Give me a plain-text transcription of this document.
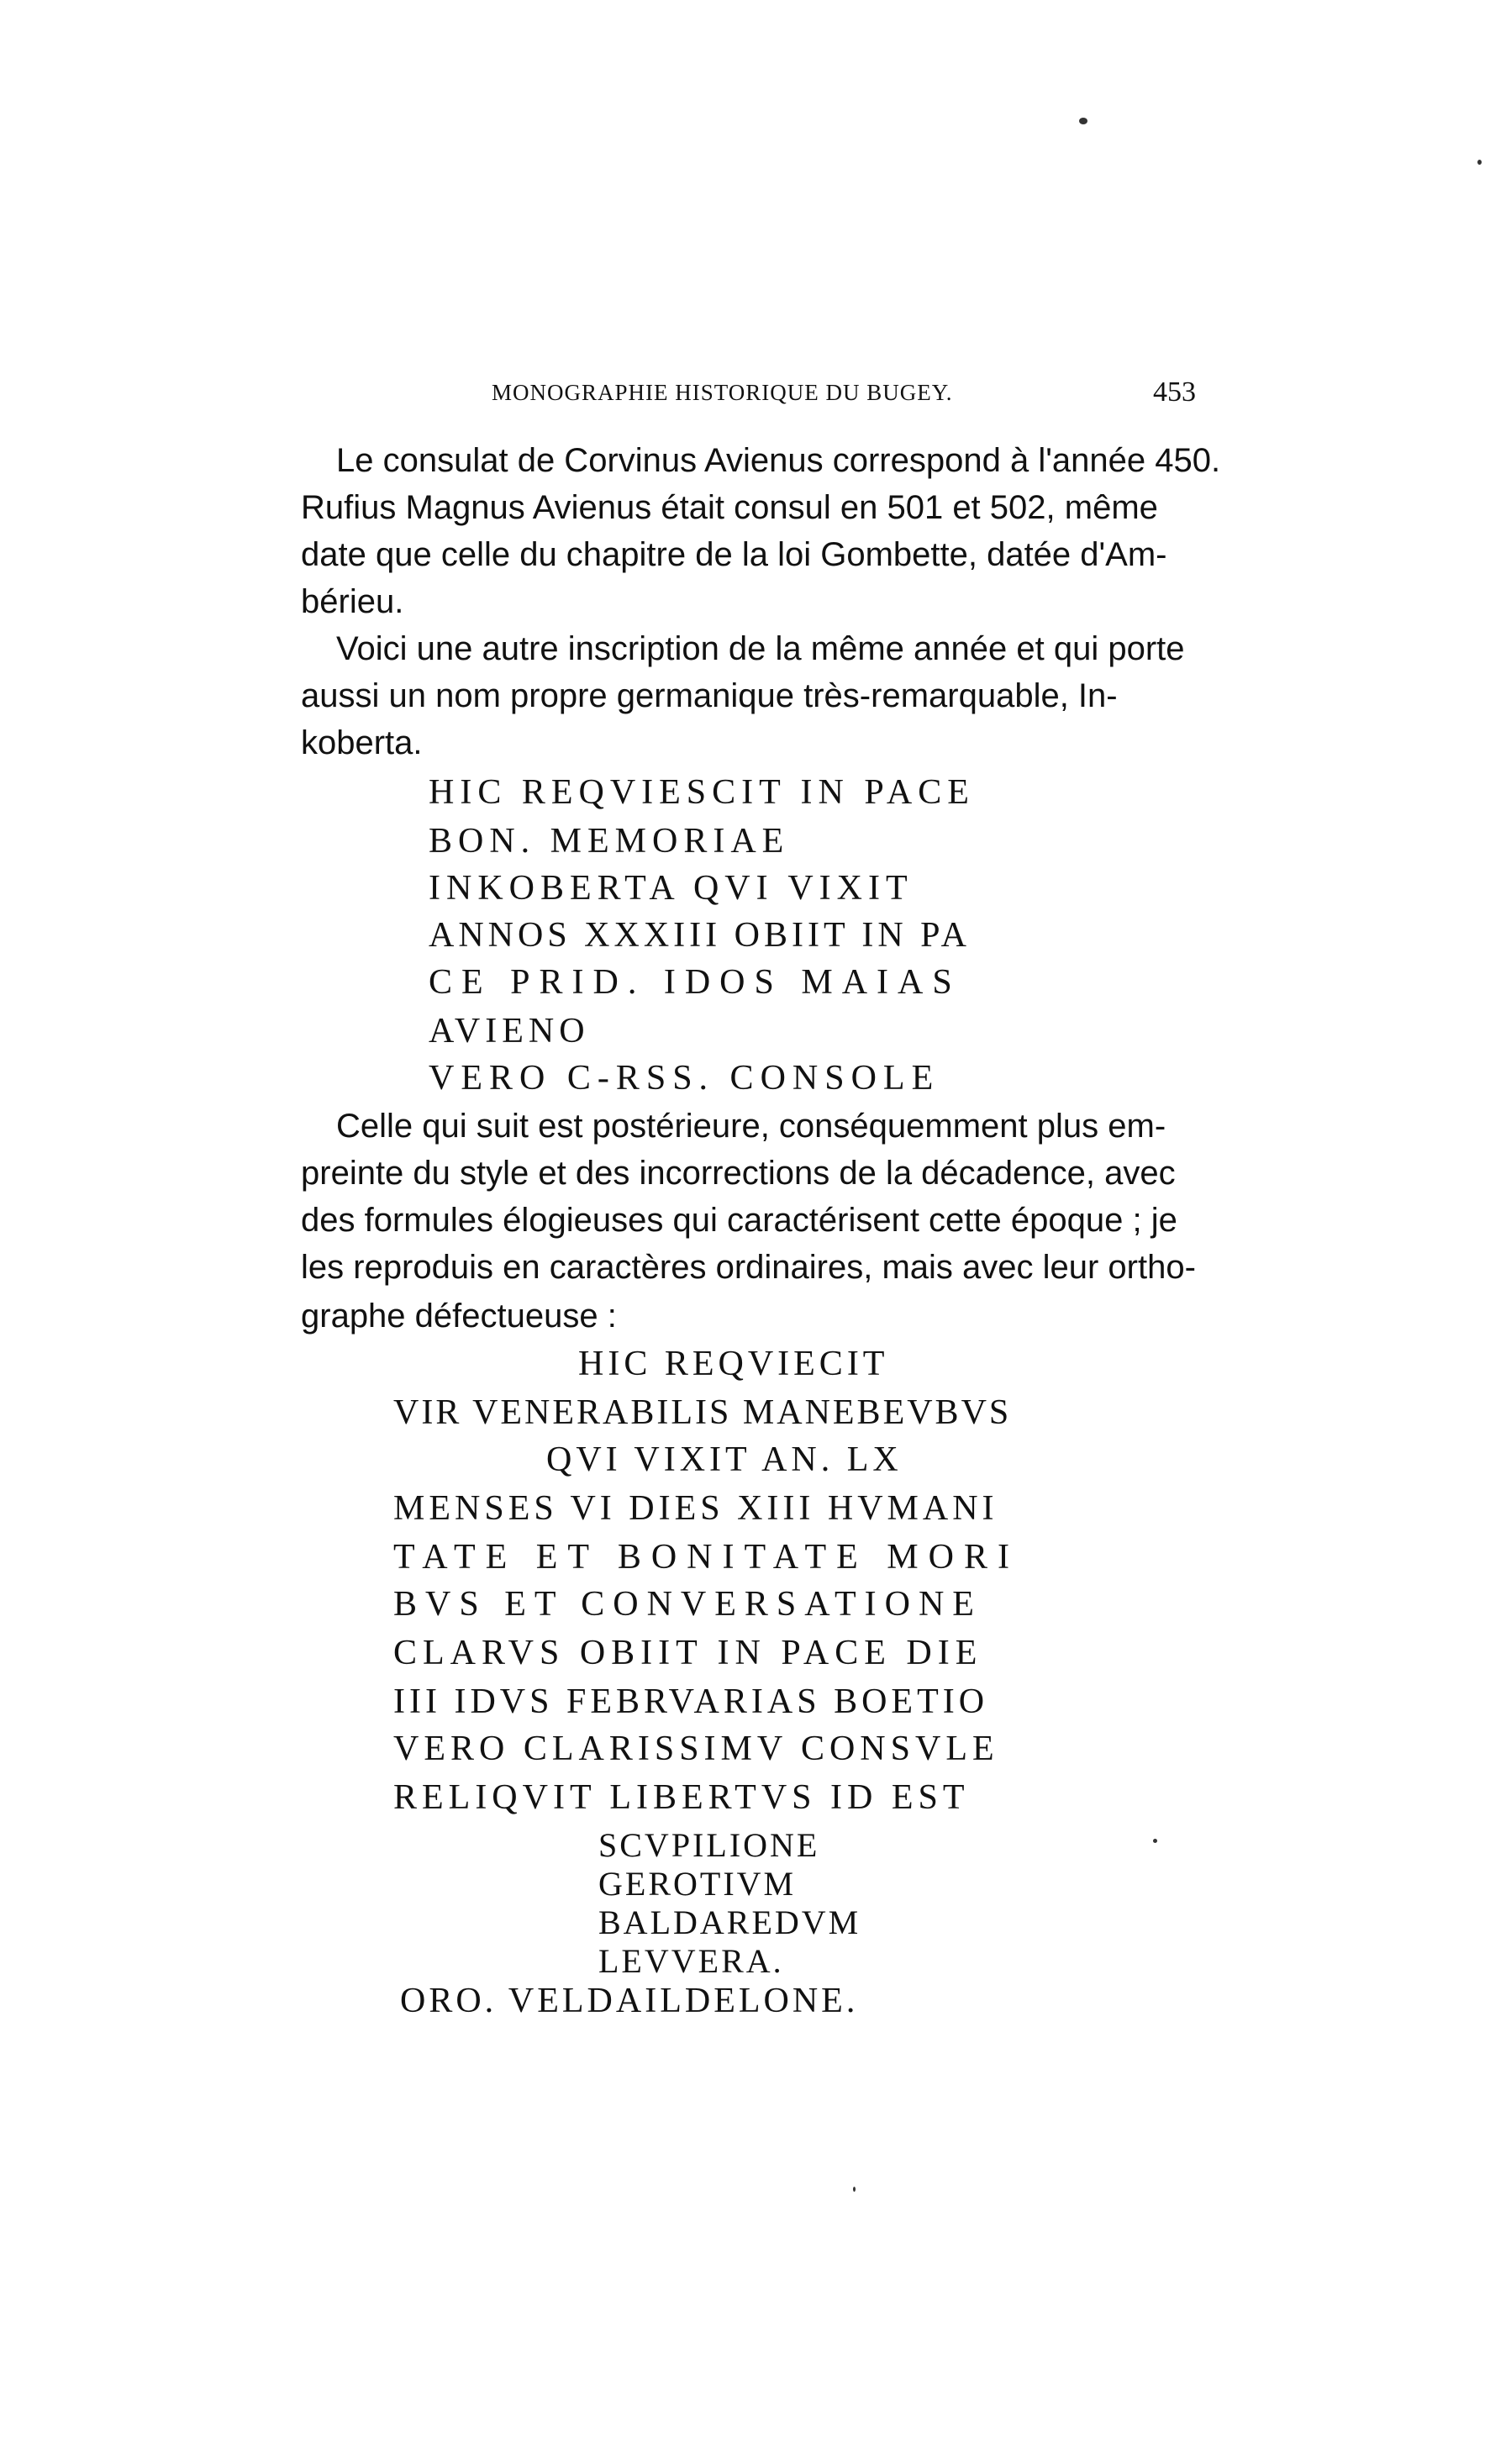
MONOGRAPHIE HISTORIQUE DU BUGEY.	453
Le consulat de Corvinus Avienus correspond à l'année 450.
Rufius Magnus Avienus était consul en 501 et 502, même
date que celle du chapitre de la loi Gombette, datée d'Am-
bérieu.
Voici une autre inscription de la même année et qui porte
aussi un nom propre germanique très-remarquable, In-
koberta.
HIC REQVIESCIT IN PACE
BON. MEMORIAE
INKOBERTA QVI VIXIT
ANNOS XXXIII OBIIT IN PA
CE PRID. IDOS MAIAS
AVIENO
VERO C-RSS. CONSOLE
Celle qui suit est postérieure, conséquemment plus em-
preinte du style et des incorrections de la décadence, avec
des formules élogieuses qui caractérisent cette époque ; je
les reproduis en caractères ordinaires, mais avec leur ortho-
graphe défectueuse :
HIC REQVIECIT
VIR VENERABILIS MANEBEVBVS
QVI VIXIT AN. LX
MENSES VI DIES XIII HVMANI
TATE ET BONITATE MORI
BVS ET CONVERSATIONE
CLARVS OBIIT IN PACE DIE
III IDVS FEBRVARIAS BOETIO
VERO CLARISSIMV CONSVLE
RELIQVIT LIBERTVS ID EST
SCVPILIONE
GEROTIVM
BALDAREDVM
LEVVERA.
ORO. VELDAILDELONE.
